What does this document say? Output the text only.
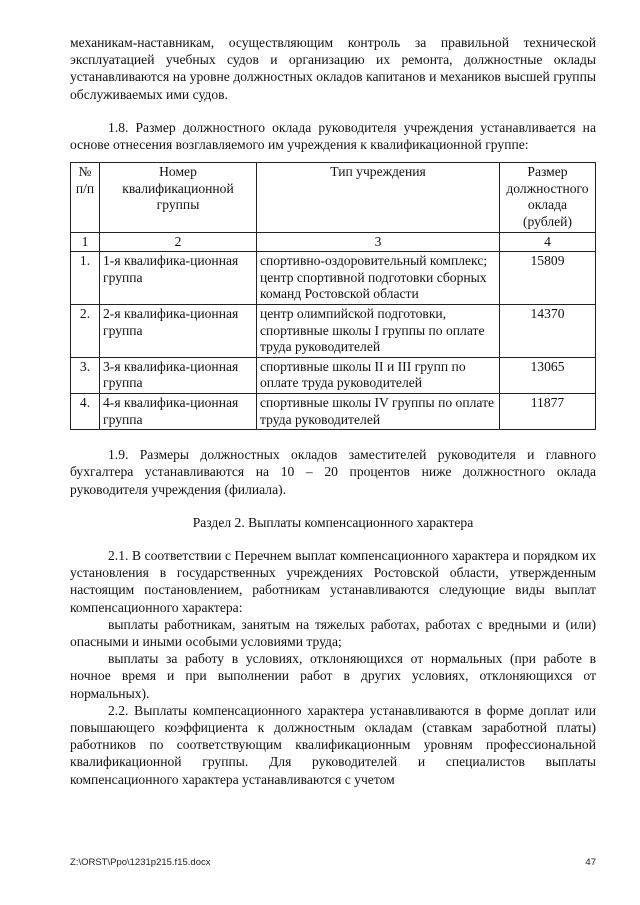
механикам-наставникам, осуществляющим контроль за правильной технической эксплуатацией учебных судов и организацию их ремонта, должностные оклады устанавливаются на уровне должностных окладов капитанов и механиков высшей группы обслуживаемых ими судов.

1.8. Размер должностного оклада руководителя учреждения устанавливается на основе отнесения возглавляемого им учреждения к квалификационной группе:

№ п/п	Номер квалификационной группы	Тип учреждения	Размер должностного оклада (рублей)
1	2	3	4
1.	1-я квалифика-ционная группа	спортивно-оздоровительный комплекс; центр спортивной подготовки сборных команд Ростовской области	15809
2.	2-я квалифика-ционная группа	центр олимпийской подготовки, спортивные школы I группы по оплате труда руководителей	14370
3.	3-я квалифика-ционная группа	спортивные школы II и III групп по оплате труда руководителей	13065
4.	4-я квалифика-ционная группа	спортивные школы IV группы по оплате труда руководителей	11877

1.9. Размеры должностных окладов заместителей руководителя и главного бухгалтера устанавливаются на 10 – 20 процентов ниже должностного оклада руководителя учреждения (филиала).

Раздел 2. Выплаты компенсационного характера

2.1. В соответствии с Перечнем выплат компенсационного характера и порядком их установления в государственных учреждениях Ростовской области, утвержденным настоящим постановлением, работникам устанавливаются следующие виды выплат компенсационного характера:

выплаты работникам, занятым на тяжелых работах, работах с вредными и (или) опасными и иными особыми условиями труда;

выплаты за работу в условиях, отклоняющихся от нормальных (при работе в ночное время и при выполнении работ в других условиях, отклоняющихся от нормальных).

2.2. Выплаты компенсационного характера устанавливаются в форме доплат или повышающего коэффициента к должностным окладам (ставкам заработной платы) работников по соответствующим квалификационным уровням профессиональной квалификационной группы. Для руководителей и специалистов выплаты компенсационного характера устанавливаются с учетом

Z:\ORST\Ppo\1231p215.f15.docx	47
